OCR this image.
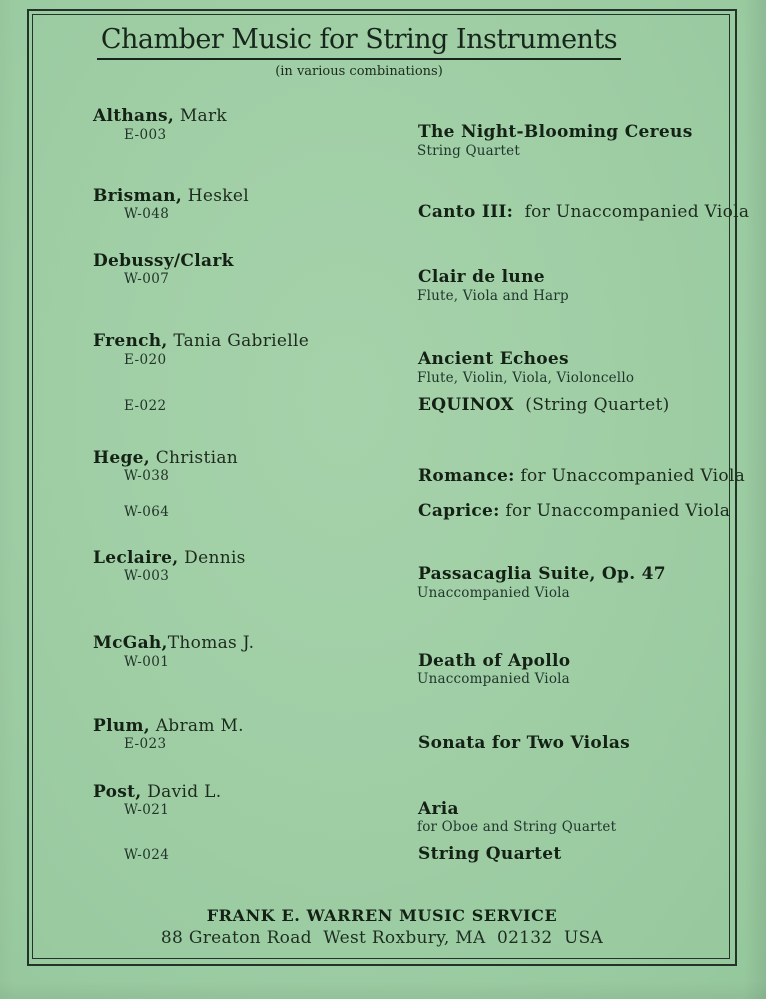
Chamber Music for String Instruments
(in various combinations)
Althans, Mark
E-003	The Night-Blooming Cereus
String Quartet
Brisman, Heskel
W-048	Canto III:  for Unaccompanied Viola
Debussy/Clark
W-007	Clair de lune
Flute, Viola and Harp
French, Tania Gabrielle
E-020	Ancient Echoes
Flute, Violin, Viola, Violoncello
E-022	EQUINOX  (String Quartet)
Hege, Christian
W-038	Romance: for Unaccompanied Viola
W-064	Caprice: for Unaccompanied Viola
Leclaire, Dennis
W-003	Passacaglia Suite, Op. 47
Unaccompanied Viola
McGah,Thomas J.
W-001	Death of Apollo
Unaccompanied Viola
Plum, Abram M.
E-023	Sonata for Two Violas
Post, David L.
W-021	Aria
for Oboe and String Quartet
W-024	String Quartet
FRANK E. WARREN MUSIC SERVICE
88 Greaton Road  West Roxbury, MA  02132  USA
